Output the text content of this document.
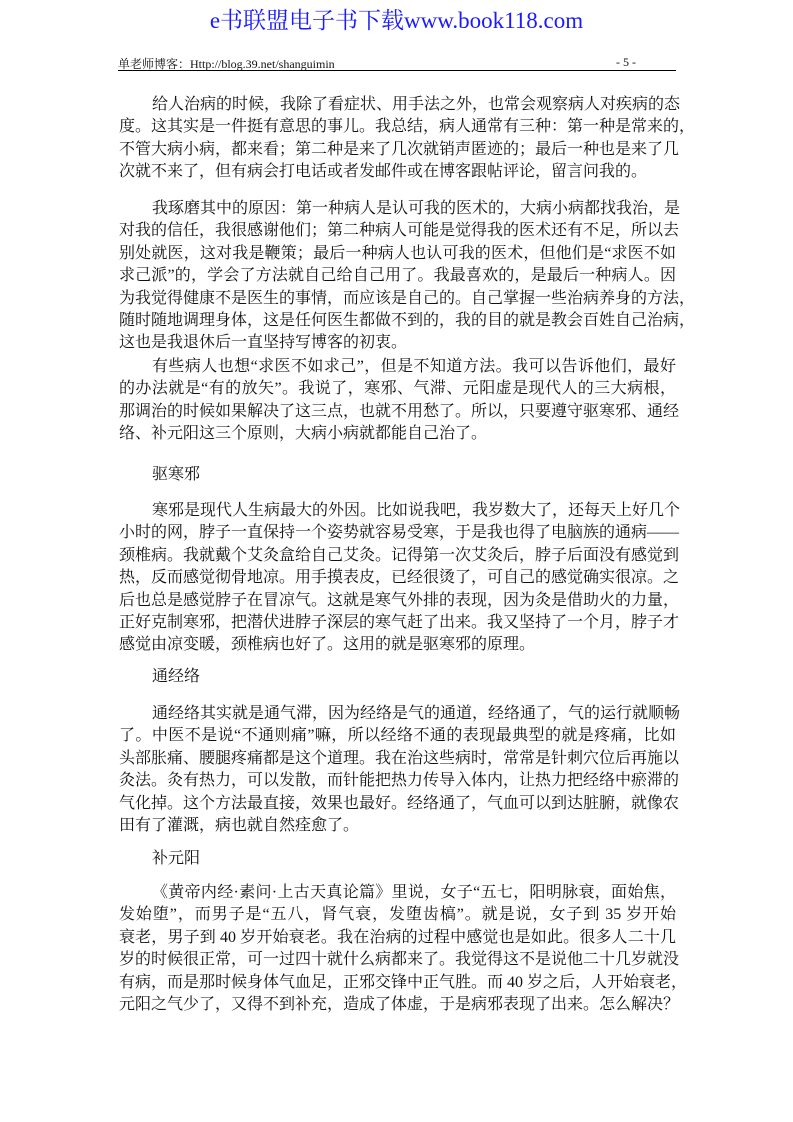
e书联盟电子书下载www.book118.com
单老师博客：Http://blog.39.net/shanguimin	- 5 -
给人治病的时候，我除了看症状、用手法之外，也常会观察病人对疾病的态
度。这其实是一件挺有意思的事儿。我总结，病人通常有三种：第一种是常来的，
不管大病小病，都来看；第二种是来了几次就销声匿迹的；最后一种也是来了几
次就不来了，但有病会打电话或者发邮件或在博客跟帖评论，留言问我的。
我琢磨其中的原因：第一种病人是认可我的医术的，大病小病都找我治，是
对我的信任，我很感谢他们；第二种病人可能是觉得我的医术还有不足，所以去
别处就医，这对我是鞭策；最后一种病人也认可我的医术，但他们是“求医不如
求己派”的，学会了方法就自己给自己用了。我最喜欢的，是最后一种病人。因
为我觉得健康不是医生的事情，而应该是自己的。自己掌握一些治病养身的方法，
随时随地调理身体，这是任何医生都做不到的，我的目的就是教会百姓自己治病，
这也是我退休后一直坚持写博客的初衷。
有些病人也想“求医不如求己”，但是不知道方法。我可以告诉他们，最好
的办法就是“有的放矢”。我说了，寒邪、气滞、元阳虚是现代人的三大病根，
那调治的时候如果解决了这三点，也就不用愁了。所以，只要遵守驱寒邪、通经
络、补元阳这三个原则，大病小病就都能自己治了。
驱寒邪
寒邪是现代人生病最大的外因。比如说我吧，我岁数大了，还每天上好几个
小时的网，脖子一直保持一个姿势就容易受寒，于是我也得了电脑族的通病——
颈椎病。我就戴个艾灸盒给自己艾灸。记得第一次艾灸后，脖子后面没有感觉到
热，反而感觉彻骨地凉。用手摸表皮，已经很烫了，可自己的感觉确实很凉。之
后也总是感觉脖子在冒凉气。这就是寒气外排的表现，因为灸是借助火的力量，
正好克制寒邪，把潜伏进脖子深层的寒气赶了出来。我又坚持了一个月，脖子才
感觉由凉变暖，颈椎病也好了。这用的就是驱寒邪的原理。
通经络
通经络其实就是通气滞，因为经络是气的通道，经络通了，气的运行就顺畅
了。中医不是说“不通则痛”嘛，所以经络不通的表现最典型的就是疼痛，比如
头部胀痛、腰腿疼痛都是这个道理。我在治这些病时，常常是针刺穴位后再施以
灸法。灸有热力，可以发散，而针能把热力传导入体内，让热力把经络中瘀滞的
气化掉。这个方法最直接，效果也最好。经络通了，气血可以到达脏腑，就像农
田有了灌溉，病也就自然痊愈了。
补元阳
《黄帝内经·素问·上古天真论篇》里说，女子“五七，阳明脉衰，面始焦，
发始堕”，而男子是“五八，肾气衰，发堕齿槁”。就是说，女子到 35 岁开始
衰老，男子到 40 岁开始衰老。我在治病的过程中感觉也是如此。很多人二十几
岁的时候很正常，可一过四十就什么病都来了。我觉得这不是说他二十几岁就没
有病，而是那时候身体气血足，正邪交锋中正气胜。而 40 岁之后，人开始衰老，
元阳之气少了，又得不到补充，造成了体虚，于是病邪表现了出来。怎么解决？
